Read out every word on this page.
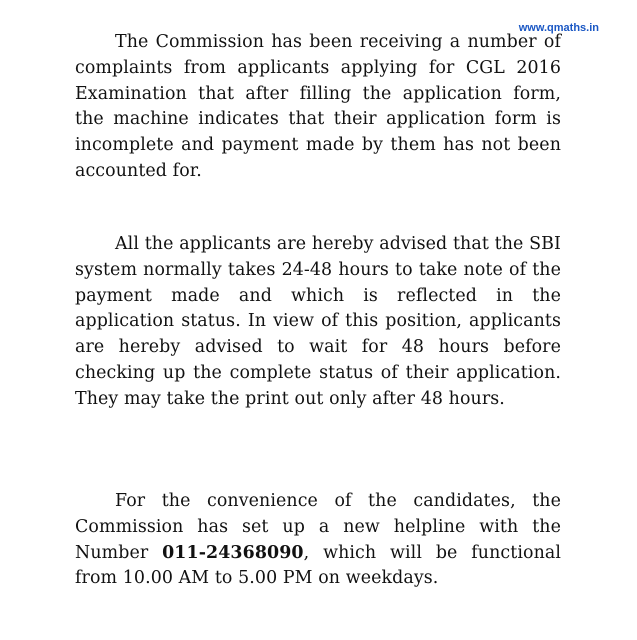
www.qmaths.in

The Commission has been receiving a number of complaints from applicants applying for CGL 2016 Examination that after filling the application form, the machine indicates that their application form is incomplete and payment made by them has not been accounted for.

All the applicants are hereby advised that the SBI system normally takes 24-48 hours to take note of the payment made and which is reflected in the application status. In view of this position, applicants are hereby advised to wait for 48 hours before checking up the complete status of their application. They may take the print out only after 48 hours.

For the convenience of the candidates, the Commission has set up a new helpline with the Number 011-24368090, which will be functional from 10.00 AM to 5.00 PM on weekdays.
